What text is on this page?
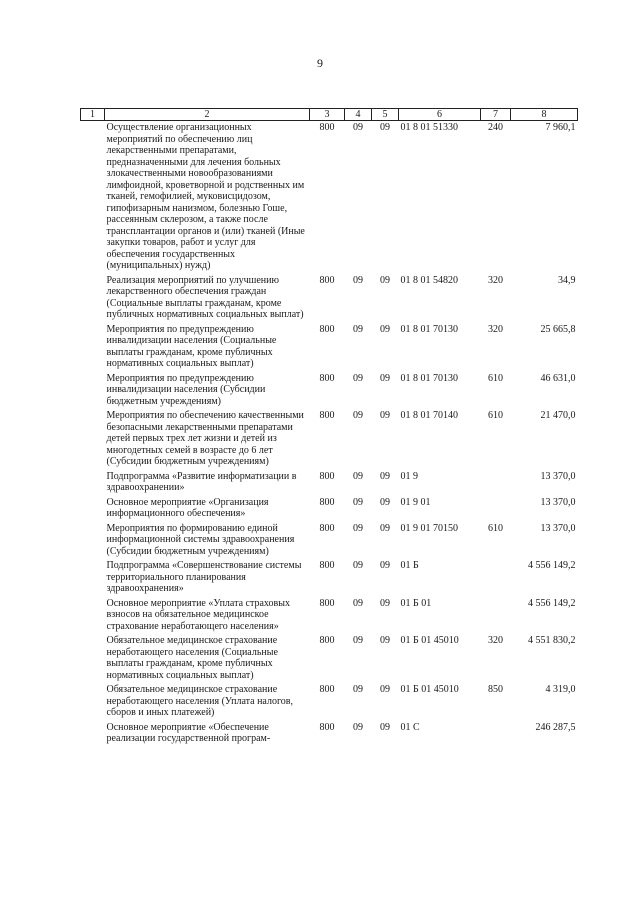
9
1	2	3	4	5	6	7	8
	Осуществление организационных мероприятий по обеспечению лиц лекарственными препаратами, предназначенными для лечения больных злокачественными новообразованиями лимфоидной, кроветворной и родственных им тканей, гемофилией, муковисцидозом, гипофизарным нанизмом, болезнью Гоше, рассеянным склерозом, а также после трансплантации органов и (или) тканей (Иные закупки товаров, работ и услуг для обеспечения государственных (муниципальных) нужд)	800	09	09	01 8 01 51330	240	7 960,1
	Реализация мероприятий по улучшению лекарственного обеспечения граждан (Социальные выплаты гражданам, кроме публичных нормативных социальных выплат)	800	09	09	01 8 01 54820	320	34,9
	Мероприятия по предупреждению инвалидизации населения (Социальные выплаты гражданам, кроме публичных нормативных социальных выплат)	800	09	09	01 8 01 70130	320	25 665,8
	Мероприятия по предупреждению инвалидизации населения (Субсидии бюджетным учреждениям)	800	09	09	01 8 01 70130	610	46 631,0
	Мероприятия по обеспечению качественными безопасными лекарственными препаратами детей первых трех лет жизни и детей из многодетных семей в возрасте до 6 лет (Субсидии бюджетным учреждениям)	800	09	09	01 8 01 70140	610	21 470,0
	Подпрограмма «Развитие информатизации в здравоохранении»	800	09	09	01 9		13 370,0
	Основное мероприятие «Организация информационного обеспечения»	800	09	09	01 9 01		13 370,0
	Мероприятия по формированию единой информационной системы здравоохранения (Субсидии бюджетным учреждениям)	800	09	09	01 9 01 70150	610	13 370,0
	Подпрограмма «Совершенствование системы территориального планирования здравоохранения»	800	09	09	01 Б		4 556 149,2
	Основное мероприятие «Уплата страховых взносов на обязательное медицинское страхование неработающего населения»	800	09	09	01 Б 01		4 556 149,2
	Обязательное медицинское страхование неработающего населения (Социальные выплаты гражданам, кроме публичных нормативных социальных выплат)	800	09	09	01 Б 01 45010	320	4 551 830,2
	Обязательное медицинское страхование неработающего населения (Уплата налогов, сборов и иных платежей)	800	09	09	01 Б 01 45010	850	4 319,0
	Основное мероприятие «Обеспечение реализации государственной програм-	800	09	09	01 С		246 287,5
